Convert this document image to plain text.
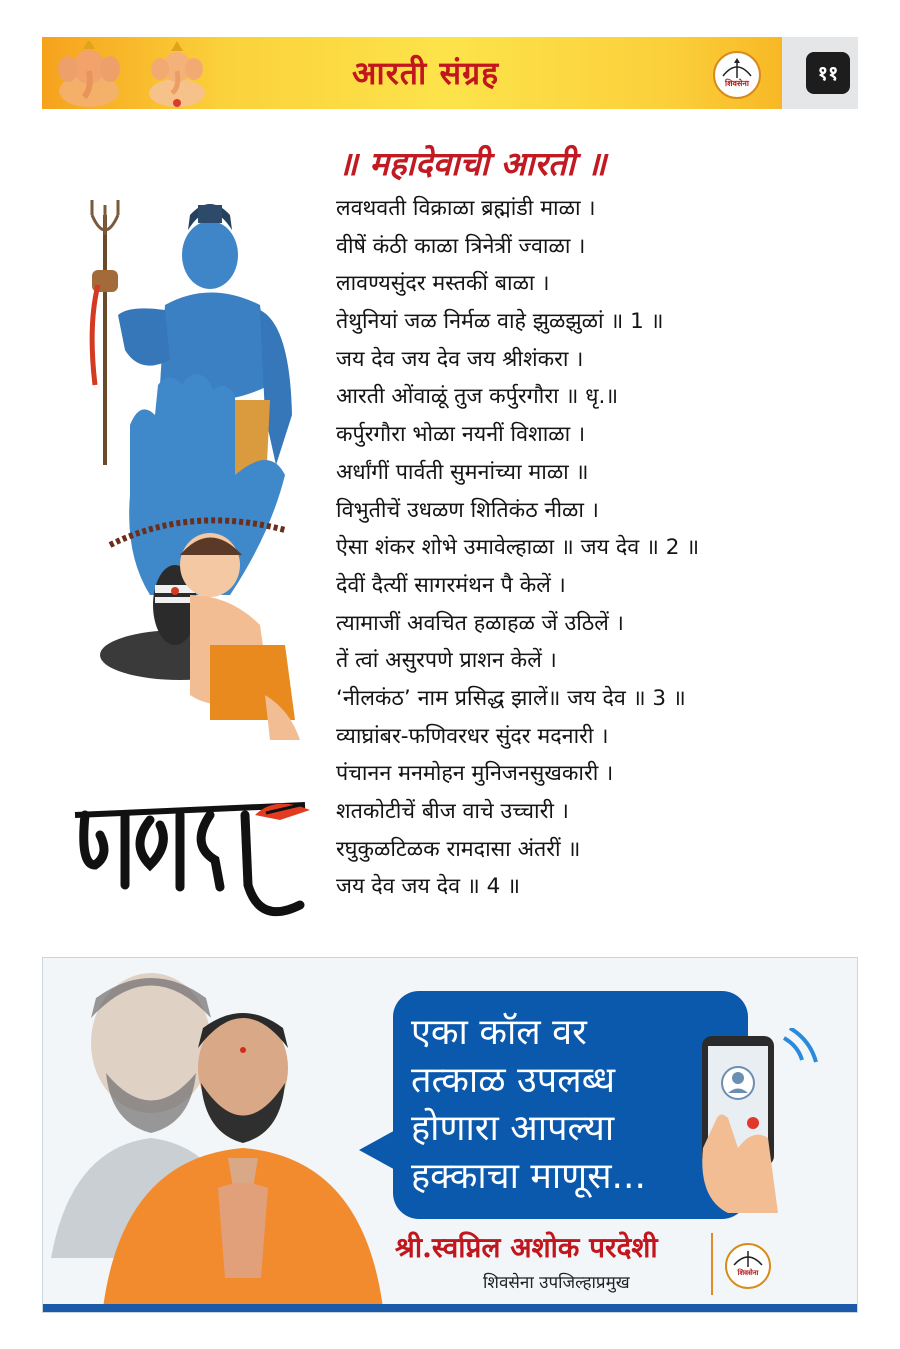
आरती संग्रह	शिवसेना	११
॥ महादेवाची आरती ॥
लवथवती विक्राळा ब्रह्मांडी माळा ।
वीषें कंठी काळा त्रिनेत्रीं ज्वाळा ।
लावण्यसुंदर मस्तकीं बाळा ।
तेथुनियां जळ निर्मळ वाहे झुळझुळां ॥ 1 ॥
जय देव जय देव जय श्रीशंकरा ।
आरती ओंवाळूं तुज कर्पुरगौरा ॥ धृ.॥
कर्पुरगौरा भोळा नयनीं विशाळा ।
अर्धांगीं पार्वती सुमनांच्या माळा ॥
विभुतीचें उधळण शितिकंठ नीळा ।
ऐसा शंकर शोभे उमावेल्हाळा ॥ जय देव ॥ 2 ॥
देवीं दैत्यीं सागरमंथन पै केलें ।
त्यामाजीं अवचित हळाहळ जें उठिलें ।
तें त्वां असुरपणे प्राशन केलें ।
‘नीलकंठ’ नाम प्रसिद्ध झालें॥ जय देव ॥ 3 ॥
व्याघ्रांबर-फणिवरधर सुंदर मदनारी ।
पंचानन मनमोहन मुनिजनसुखकारी ।
शतकोटीचें बीज वाचे उच्चारी ।
रघुकुळटिळक रामदासा अंतरीं ॥
जय देव जय देव ॥ 4 ॥
एका कॉल वर
तत्काळ उपलब्ध
होणारा आपल्या
हक्काचा माणूस...
श्री.स्वप्निल अशोक परदेशी
शिवसेना उपजिल्हाप्रमुख	शिवसेना
